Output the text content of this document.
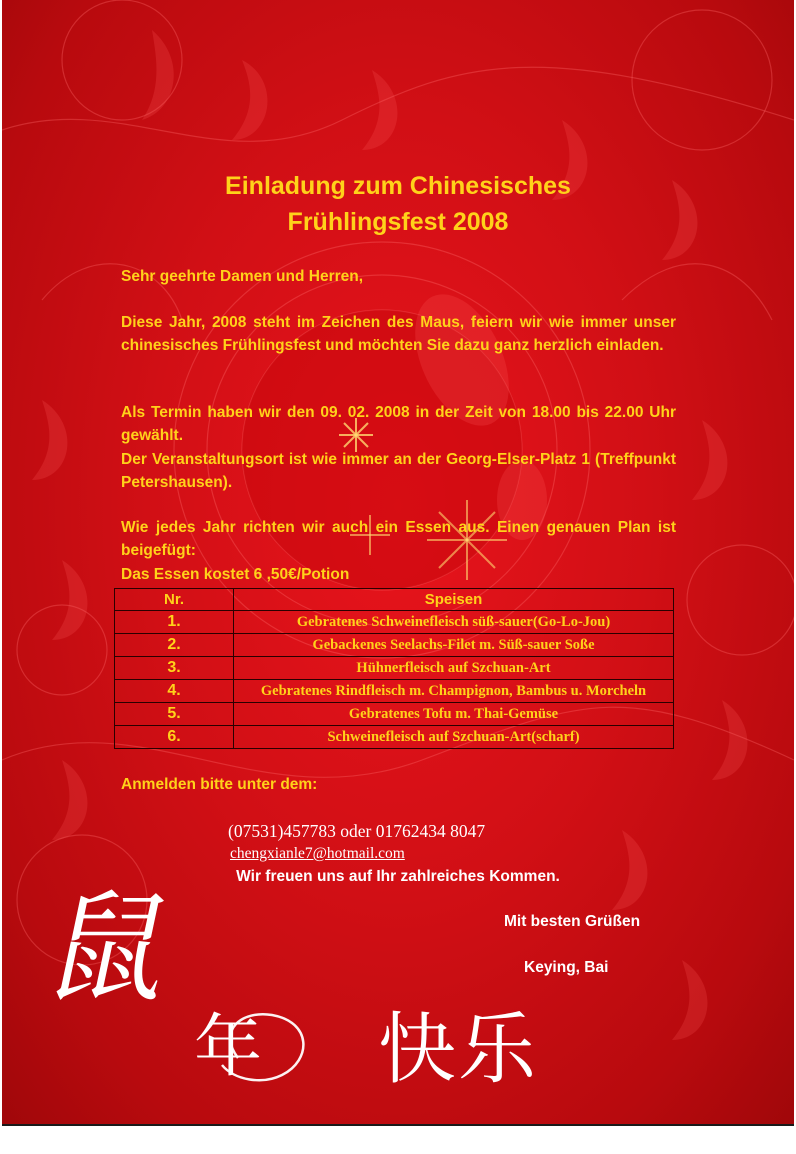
Einladung zum Chinesisches
Frühlingsfest 2008
Sehr geehrte Damen und Herren,
Diese Jahr, 2008 steht im Zeichen des Maus, feiern wir wie immer unser chinesisches Frühlingsfest und möchten Sie dazu ganz herzlich einladen.
Als Termin haben wir den 09. 02. 2008 in der Zeit von 18.00 bis 22.00 Uhr gewählt.
Der Veranstaltungsort ist wie immer an der Georg-Elser-Platz 1 (Treffpunkt Petershausen).
Wie jedes Jahr richten wir auch ein Essen aus. Einen genauen Plan ist beigefügt:
Das Essen kostet 6 ,50€/Potion
Nr.	Speisen
1.	Gebratenes Schweinefleisch süß-sauer(Go-Lo-Jou)
2.	Gebackenes Seelachs-Filet m. Süß-sauer Soße
3.	Hühnerfleisch auf Szchuan-Art
4.	Gebratenes Rindfleisch m. Champignon, Bambus u. Morcheln
5.	Gebratenes Tofu m. Thai-Gemüse
6.	Schweinefleisch auf Szchuan-Art(scharf)
Anmelden bitte unter dem:
(07531)457783 oder 01762434 8047
chengxianle7@hotmail.com
Wir freuen uns auf Ihr zahlreiches Kommen.
Mit besten Grüßen
Keying, Bai
鼠
年 快乐
